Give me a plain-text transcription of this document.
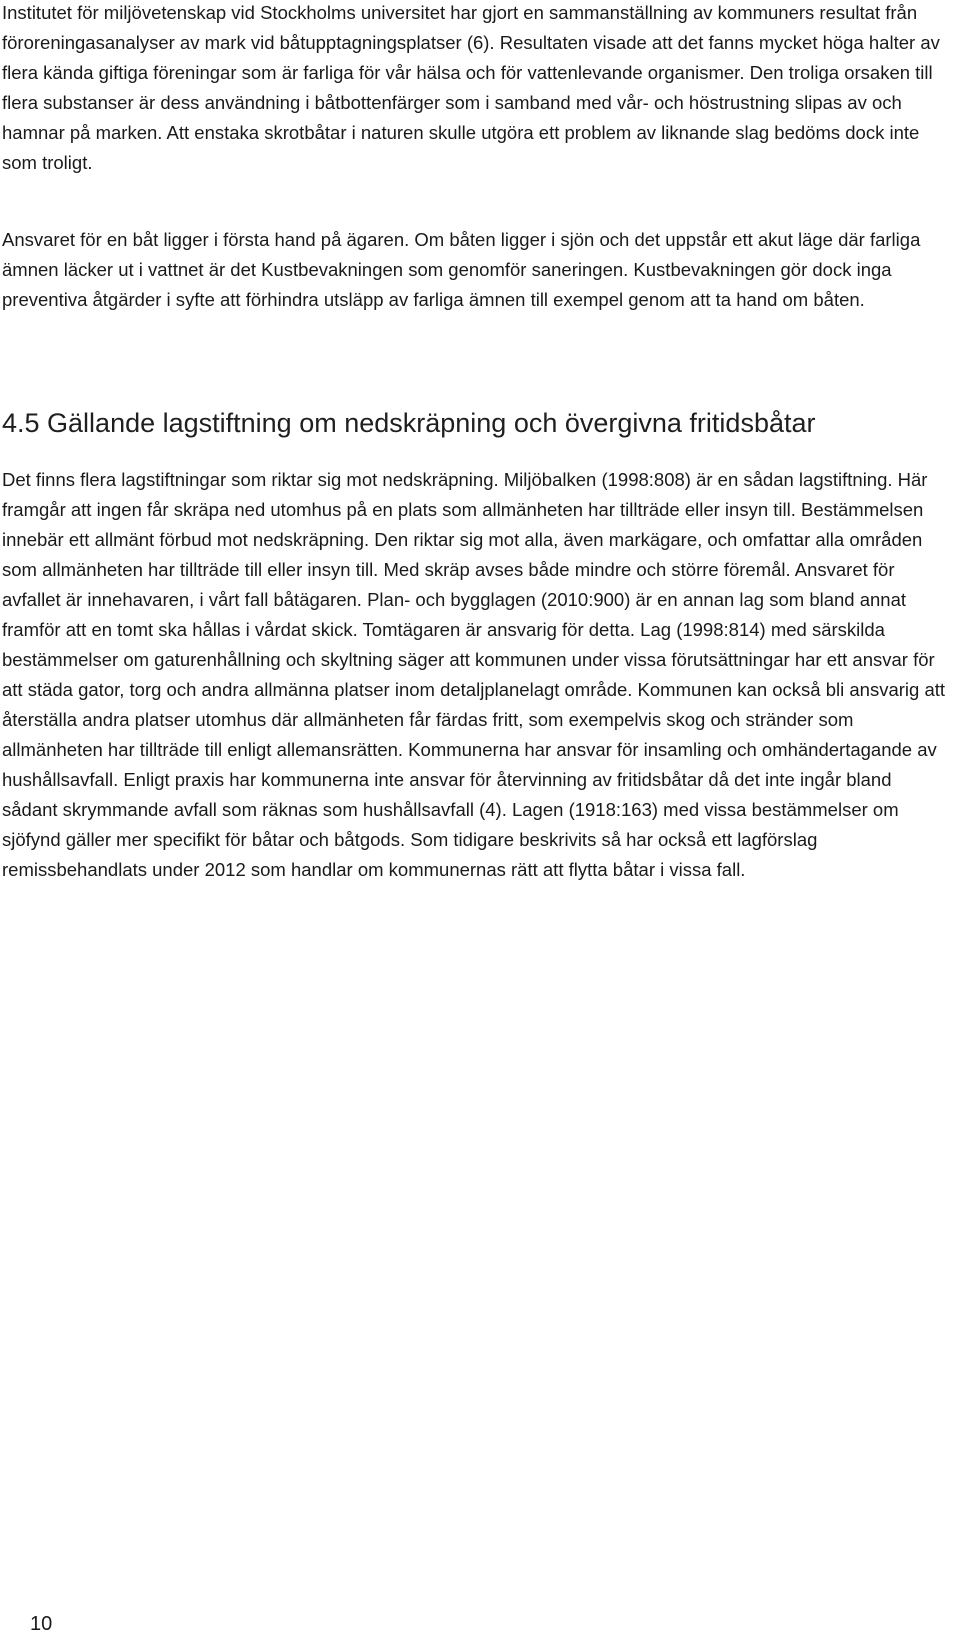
Institutet för miljövetenskap vid Stockholms universitet har gjort en sammanställning av kommuners resultat från föroreningasanalyser av mark vid båtupptagningsplatser (6). Resultaten visade att det fanns mycket höga halter av flera kända giftiga föreningar som är farliga för vår hälsa och för vattenlevande organismer. Den troliga orsaken till flera substanser är dess användning i båtbottenfärger som i samband med vår- och höstrustning slipas av och hamnar på marken. Att enstaka skrotbåtar i naturen skulle utgöra ett problem av liknande slag bedöms dock inte som troligt.

Ansvaret för en båt ligger i första hand på ägaren. Om båten ligger i sjön och det uppstår ett akut läge där farliga ämnen läcker ut i vattnet är det Kustbevakningen som genomför saneringen. Kustbevakningen gör dock inga preventiva åtgärder i syfte att förhindra utsläpp av farliga ämnen till exempel genom att ta hand om båten.

4.5 Gällande lagstiftning om nedskräpning och övergivna fritidsbåtar

Det finns flera lagstiftningar som riktar sig mot nedskräpning. Miljöbalken (1998:808) är en sådan lagstiftning. Här framgår att ingen får skräpa ned utomhus på en plats som allmänheten har tillträde eller insyn till. Bestämmelsen innebär ett allmänt förbud mot nedskräpning. Den riktar sig mot alla, även markägare, och omfattar alla områden som allmänheten har tillträde till eller insyn till. Med skräp avses både mindre och större föremål. Ansvaret för avfallet är innehavaren, i vårt fall båtägaren. Plan- och bygglagen (2010:900) är en annan lag som bland annat framför att en tomt ska hållas i vårdat skick. Tomtägaren är ansvarig för detta. Lag (1998:814) med särskilda bestämmelser om gaturenhållning och skyltning säger att kommunen under vissa förutsättningar har ett ansvar för att städa gator, torg och andra allmänna platser inom detaljplanelagt område. Kommunen kan också bli ansvarig att återställa andra platser utomhus där allmänheten får färdas fritt, som exempelvis skog och stränder som allmänheten har tillträde till enligt allemansrätten. Kommunerna har ansvar för insamling och omhändertagande av hushållsavfall. Enligt praxis har kommunerna inte ansvar för återvinning av fritidsbåtar då det inte ingår bland sådant skrymmande avfall som räknas som hushållsavfall (4). Lagen (1918:163) med vissa bestämmelser om sjöfynd gäller mer specifikt för båtar och båtgods. Som tidigare beskrivits så har också ett lagförslag remissbehandlats under 2012 som handlar om kommunernas rätt att flytta båtar i vissa fall.

10
